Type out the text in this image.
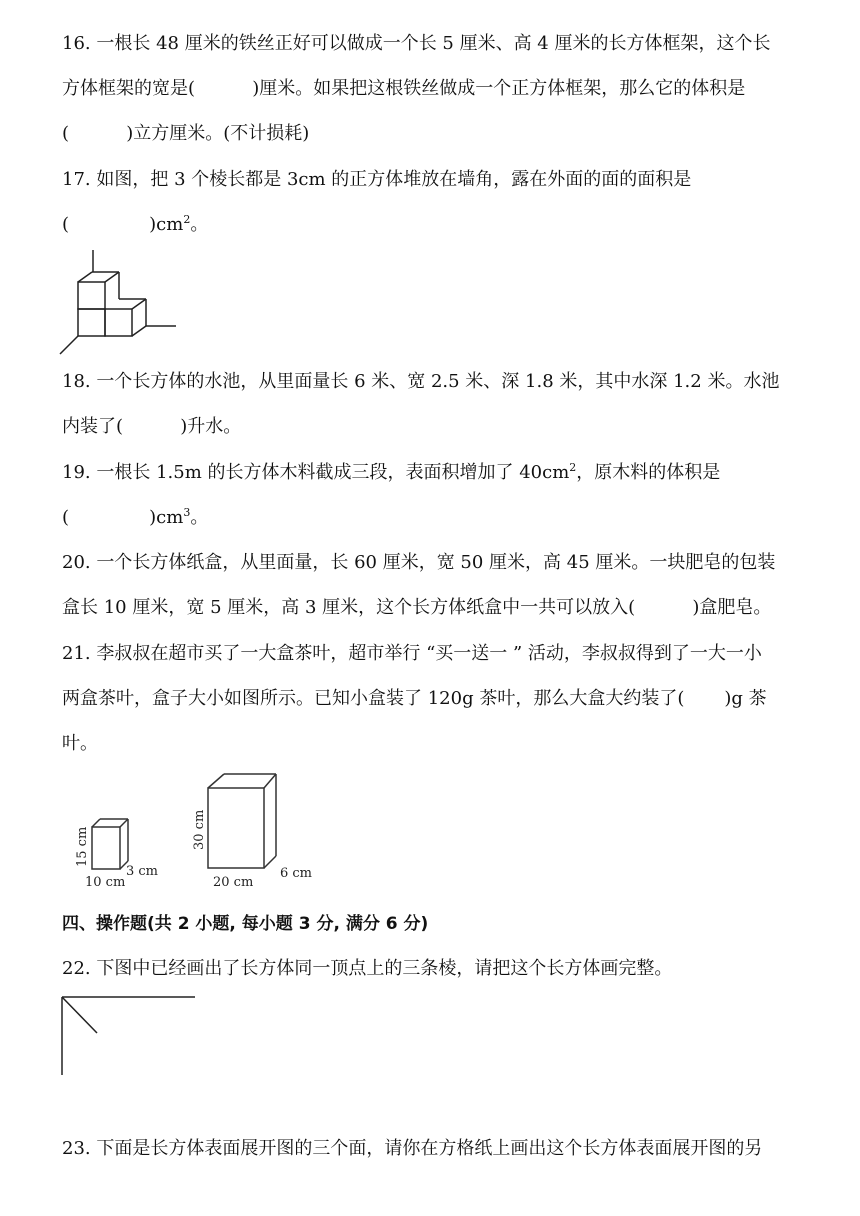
16. 一根长 48 厘米的铁丝正好可以做成一个长 5 厘米、高 4 厘米的长方体框架，这个长
方体框架的宽是(          )厘米。如果把这根铁丝做成一个正方体框架，那么它的体积是
(          )立方厘米。(不计损耗)
17. 如图，把 3 个棱长都是 3cm 的正方体堆放在墙角，露在外面的面的面积是
(              )$cm^2$。
18. 一个长方体的水池，从里面量长 6 米、宽 2.5 米、深 1.8 米，其中水深 1.2 米。水池
内装了(          )升水。
19. 一根长 1.5m 的长方体木料截成三段，表面积增加了 $40cm^2$，原木料的体积是
(              )$cm^3$。
20. 一个长方体纸盒，从里面量，长 60 厘米，宽 50 厘米，高 45 厘米。一块肥皂的包装
盒长 10 厘米，宽 5 厘米，高 3 厘米，这个长方体纸盒中一共可以放入(          )盒肥皂。
21. 李叔叔在超市买了一大盒茶叶，超市举行 “买一送一 ” 活动，李叔叔得到了一大一小
两盒茶叶，盒子大小如图所示。已知小盒装了 120g 茶叶，那么大盒大约装了(       )g 茶
叶。
15 cm
10 cm
3 cm
30 cm
20 cm
6 cm
四、操作题(共 2 小题, 每小题 3 分, 满分 6 分)
22. 下图中已经画出了长方体同一顶点上的三条棱，请把这个长方体画完整。
23. 下面是长方体表面展开图的三个面，请你在方格纸上画出这个长方体表面展开图的另
